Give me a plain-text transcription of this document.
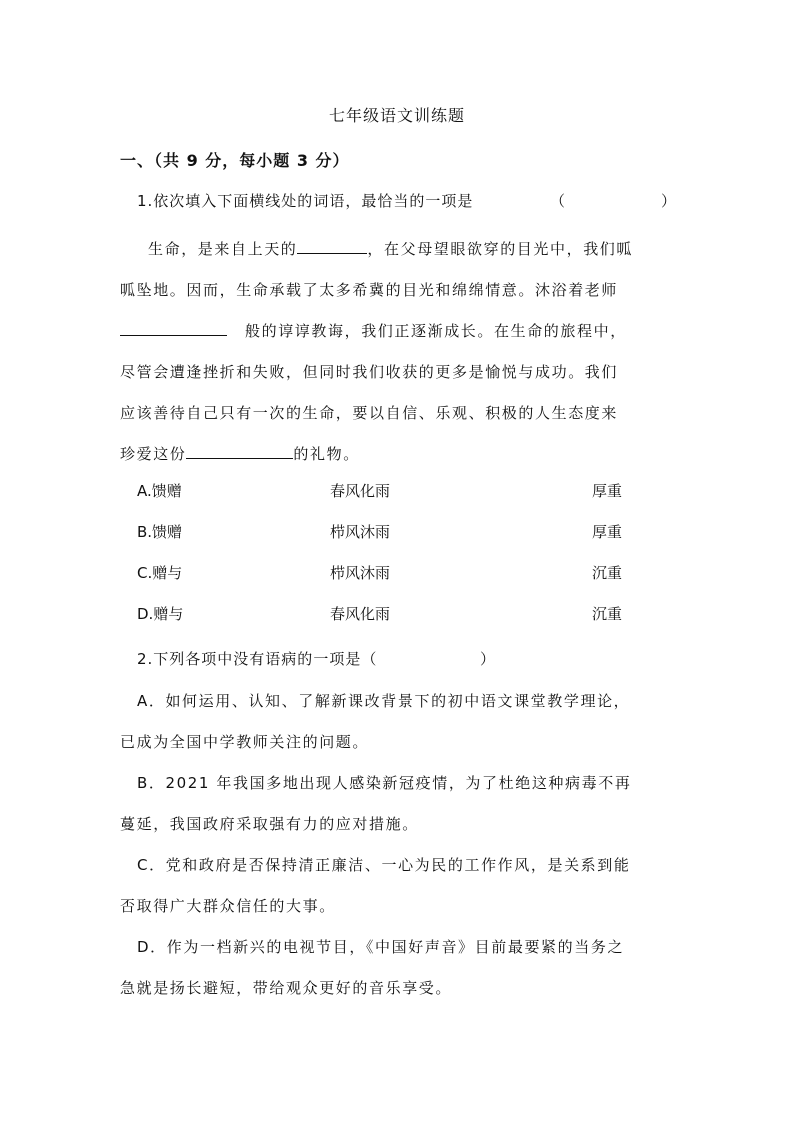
七年级语文训练题
一、（共 9 分，每小题 3 分）
1.依次填入下面横线处的词语，最恰当的一项是	（	）
生命，是来自上天的	，在父母望眼欲穿的目光中，我们呱
呱坠地。因而，生命承载了太多希冀的目光和绵绵情意。沐浴着老师
般的谆谆教诲，我们正逐渐成长。在生命的旅程中，
尽管会遭逢挫折和失败，但同时我们收获的更多是愉悦与成功。我们
应该善待自己只有一次的生命，要以自信、乐观、积极的人生态度来
珍爱这份	的礼物。
A.馈赠	春风化雨	厚重
B.馈赠	栉风沐雨	厚重
C.赠与	栉风沐雨	沉重
D.赠与	春风化雨	沉重
2.下列各项中没有语病的一项是（	）
A．如何运用、认知、了解新课改背景下的初中语文课堂教学理论，
已成为全国中学教师关注的问题。
B．2021 年我国多地出现人感染新冠疫情，为了杜绝这种病毒不再
蔓延，我国政府采取强有力的应对措施。
C．党和政府是否保持清正廉洁、一心为民的工作作风，是关系到能
否取得广大群众信任的大事。
D．作为一档新兴的电视节目，《中国好声音》目前最要紧的当务之
急就是扬长避短，带给观众更好的音乐享受。
